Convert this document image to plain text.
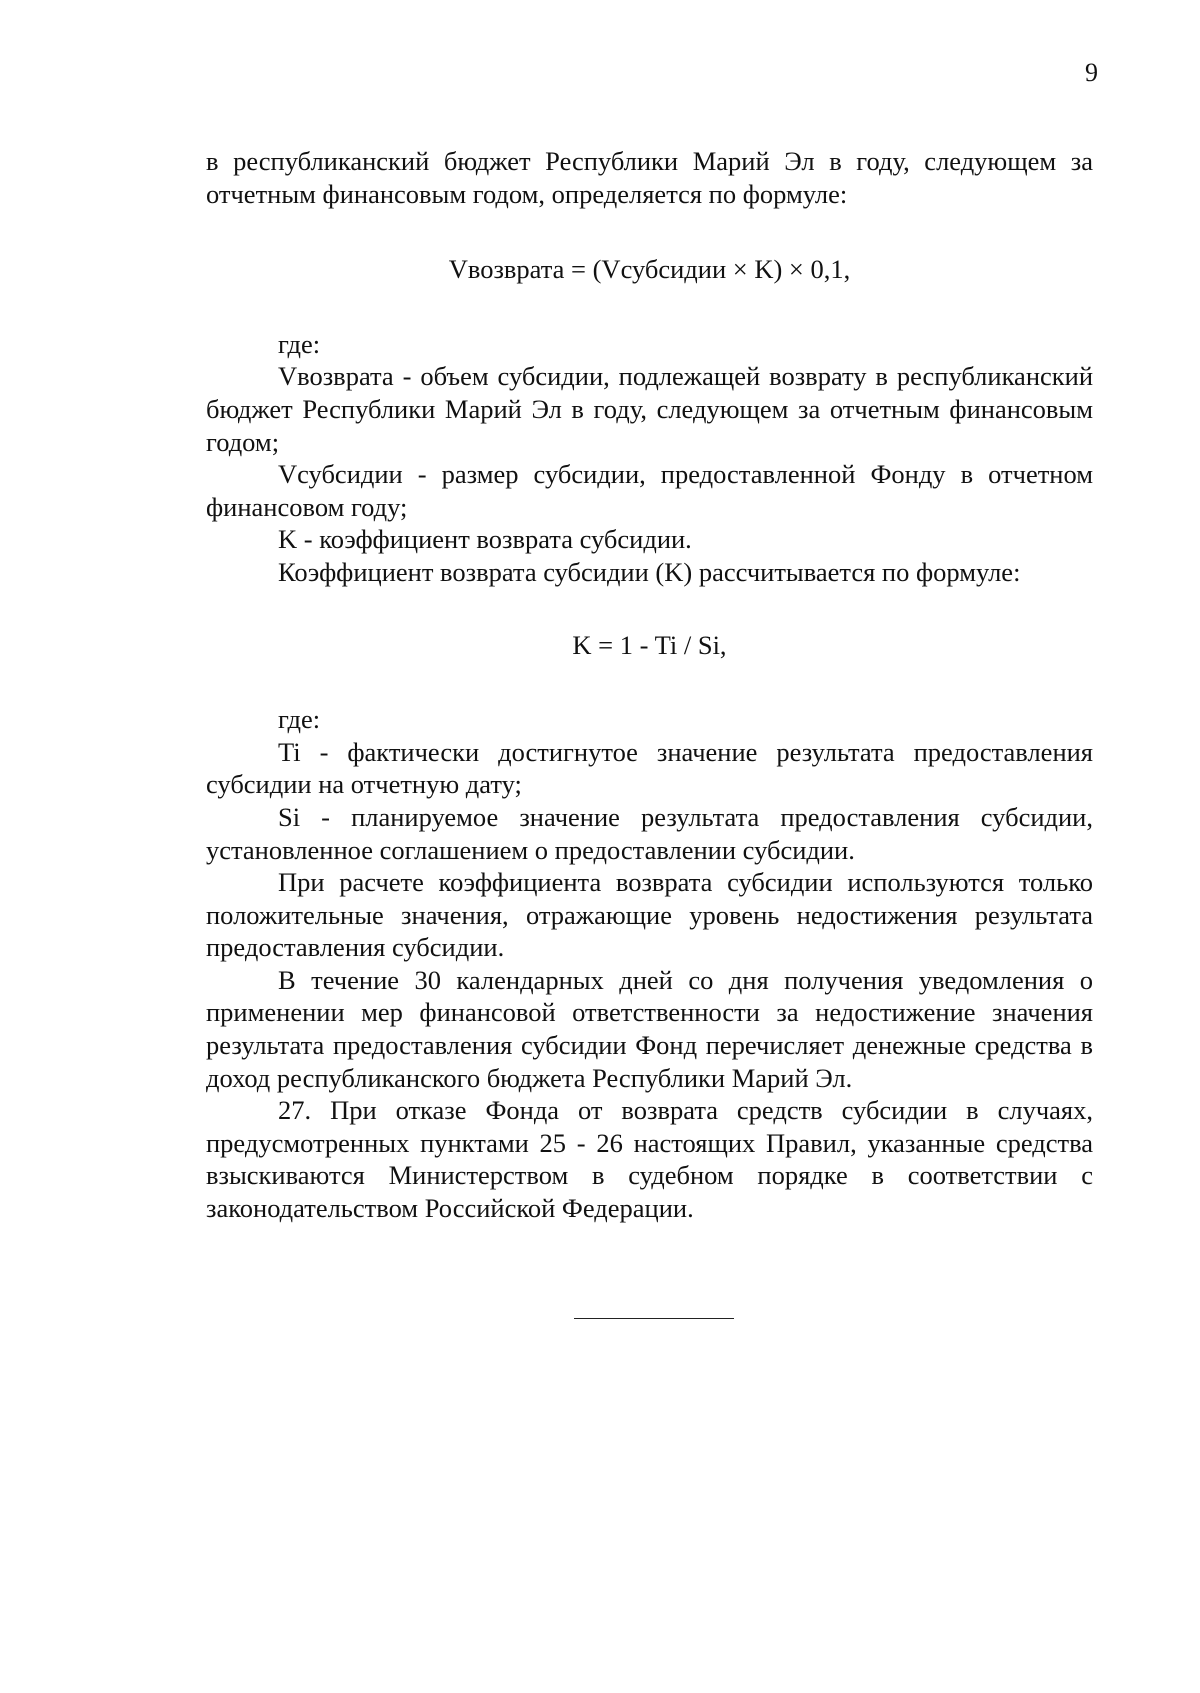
9

в республиканский бюджет Республики Марий Эл в году, следующем за отчетным финансовым годом, определяется по формуле:

Vвозврата = (Vсубсидии × K) × 0,1,

где:

Vвозврата - объем субсидии, подлежащей возврату в республиканский бюджет Республики Марий Эл в году, следующем за отчетным финансовым годом;

Vсубсидии - размер субсидии, предоставленной Фонду в отчетном финансовом году;

K - коэффициент возврата субсидии.

Коэффициент возврата субсидии (K) рассчитывается по формуле:

K = 1 - Ti / Si,

где:

Ti - фактически достигнутое значение результата предоставления субсидии на отчетную дату;

Si - планируемое значение результата предоставления субсидии, установленное соглашением о предоставлении субсидии.

При расчете коэффициента возврата субсидии используются только положительные значения, отражающие уровень недостижения результата предоставления субсидии.

В течение 30 календарных дней со дня получения уведомления о применении мер финансовой ответственности за недостижение значения результата предоставления субсидии Фонд перечисляет денежные средства в доход республиканского бюджета Республики Марий Эл.

27. При отказе Фонда от возврата средств субсидии в случаях, предусмотренных пунктами 25 - 26 настоящих Правил, указанные средства взыскиваются Министерством в судебном порядке в соответствии с законодательством Российской Федерации.
